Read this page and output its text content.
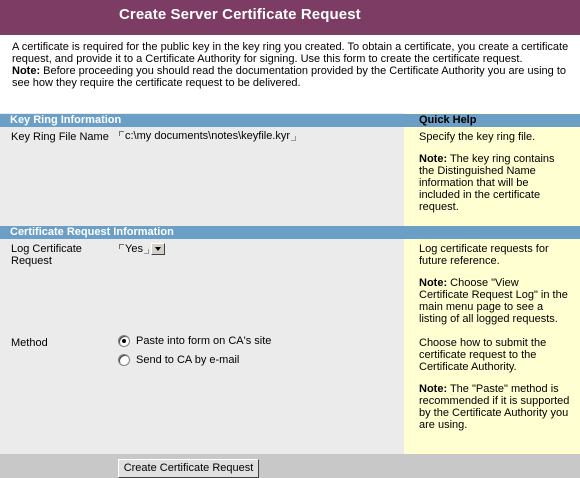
Create Server Certificate Request

A certificate is required for the public key in the key ring you created. To obtain a certificate, you create a certificate request, and provide it to a Certificate Authority for signing. Use this form to create the certificate request.

Note: Before proceeding you should read the documentation provided by the Certificate Authority you are using to see how they require the certificate request to be delivered.

Key Ring Information	Quick Help
Key Ring File Name	c:\my documents\notes\keyfile.kyr	Specify the key ring file.

Note: The key ring contains the Distinguished Name information that will be included in the certificate request.

Certificate Request Information
Log Certificate
Request
Yes	Log certificate requests for future reference.

Note: Choose "View Certificate Request Log" in the main menu page to see a listing of all logged requests.

Method	Paste into form on CA's site
Send to CA by e-mail

Choose how to submit the certificate request to the Certificate Authority.

Note: The "Paste" method is recommended if it is supported by the Certificate Authority you are using.

Create Certificate Request
